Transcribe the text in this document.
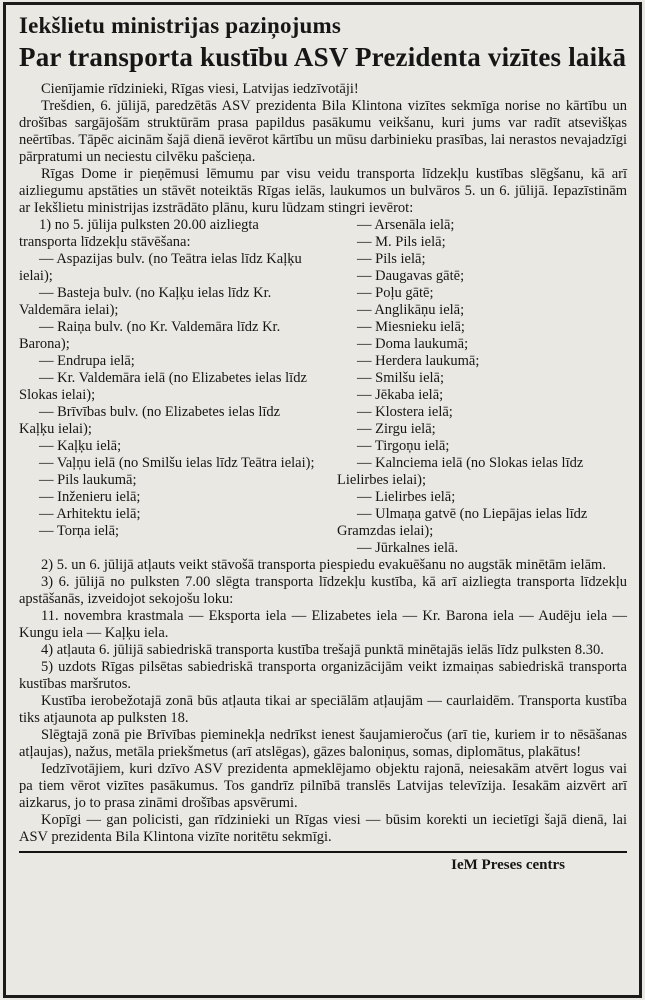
Iekšlietu ministrijas paziņojums
Par transporta kustību ASV Prezidenta vizītes laikā

Cienījamie rīdzinieki, Rīgas viesi, Latvijas iedzīvotāji!

Trešdien, 6. jūlijā, paredzētās ASV prezidenta Bila Klintona vizītes sekmīga norise no kārtību un drošības sargājošām struktūrām prasa papildus pasākumu veikšanu, kuri jums var radīt atsevišķas neērtības. Tāpēc aicinām šajā dienā ievērot kārtību un mūsu darbinieku prasības, lai nerastos nevajadzīgi pārpratumi un neciestu cilvēku pašcieņa.

Rīgas Dome ir pieņēmusi lēmumu par visu veidu transporta līdzekļu kustības slēgšanu, kā arī aizliegumu apstāties un stāvēt noteiktās Rīgas ielās, laukumos un bulvāros 5. un 6. jūlijā. Iepazīstinām ar Iekšlietu ministrijas izstrādāto plānu, kuru lūdzam stingri ievērot:

1) no 5. jūlija pulksten 20.00 aizliegta transporta līdzekļu stāvēšana:

— Aspazijas bulv. (no Teātra ielas līdz Kaļķu ielai);

— Basteja bulv. (no Kaļķu ielas līdz Kr. Valdemāra ielai);

— Raiņa bulv. (no Kr. Valdemāra līdz Kr. Barona);

— Endrupa ielā;

— Kr. Valdemāra ielā (no Elizabetes ielas līdz Slokas ielai);

— Brīvības bulv. (no Elizabetes ielas līdz Kaļķu ielai);

— Kaļķu ielā;

— Vaļņu ielā (no Smilšu ielas līdz Teātra ielai);

— Pils laukumā;

— Inženieru ielā;

— Arhitektu ielā;

— Torņa ielā;

— Arsenāla ielā;

— M. Pils ielā;

— Pils ielā;

— Daugavas gātē;

— Poļu gātē;

— Anglikāņu ielā;

— Miesnieku ielā;

— Doma laukumā;

— Herdera laukumā;

— Smilšu ielā;

— Jēkaba ielā;

— Klostera ielā;

— Zirgu ielā;

— Tirgoņu ielā;

— Kalnciema ielā (no Slokas ielas līdz Lielirbes ielai);

— Lielirbes ielā;

— Ulmaņa gatvē (no Liepājas ielas līdz Gramzdas ielai);

— Jūrkalnes ielā.

2) 5. un 6. jūlijā atļauts veikt stāvošā transporta piespiedu evakuēšanu no augstāk minētām ielām.

3) 6. jūlijā no pulksten 7.00 slēgta transporta līdzekļu kustība, kā arī aizliegta transporta līdzekļu apstāšanās, izveidojot sekojošu loku:

11. novembra krastmala — Eksporta iela — Elizabetes iela — Kr. Barona iela — Audēju iela — Kungu iela — Kaļķu iela.

4) atļauta 6. jūlijā sabiedriskā transporta kustība trešajā punktā minētajās ielās līdz pulksten 8.30.

5) uzdots Rīgas pilsētas sabiedriskā transporta organizācijām veikt izmaiņas sabiedriskā transporta kustības maršrutos.

Kustība ierobežotajā zonā būs atļauta tikai ar speciālām atļaujām — caurlaidēm. Transporta kustība tiks atjaunota ap pulksten 18.

Slēgtajā zonā pie Brīvības pieminekļa nedrīkst ienest šaujamieročus (arī tie, kuriem ir to nēsāšanas atļaujas), nažus, metāla priekšmetus (arī atslēgas), gāzes baloniņus, somas, diplomātus, plakātus!

Iedzīvotājiem, kuri dzīvo ASV prezidenta apmeklējamo objektu rajonā, neiesakām atvērt logus vai pa tiem vērot vizītes pasākumus. Tos gandrīz pilnībā translēs Latvijas televīzija. Iesakām aizvērt arī aizkarus, jo to prasa zināmi drošības apsvērumi.

Kopīgi — gan policisti, gan rīdzinieki un Rīgas viesi — būsim korekti un iecietīgi šajā dienā, lai ASV prezidenta Bila Klintona vizīte noritētu sekmīgi.

IeM Preses centrs
